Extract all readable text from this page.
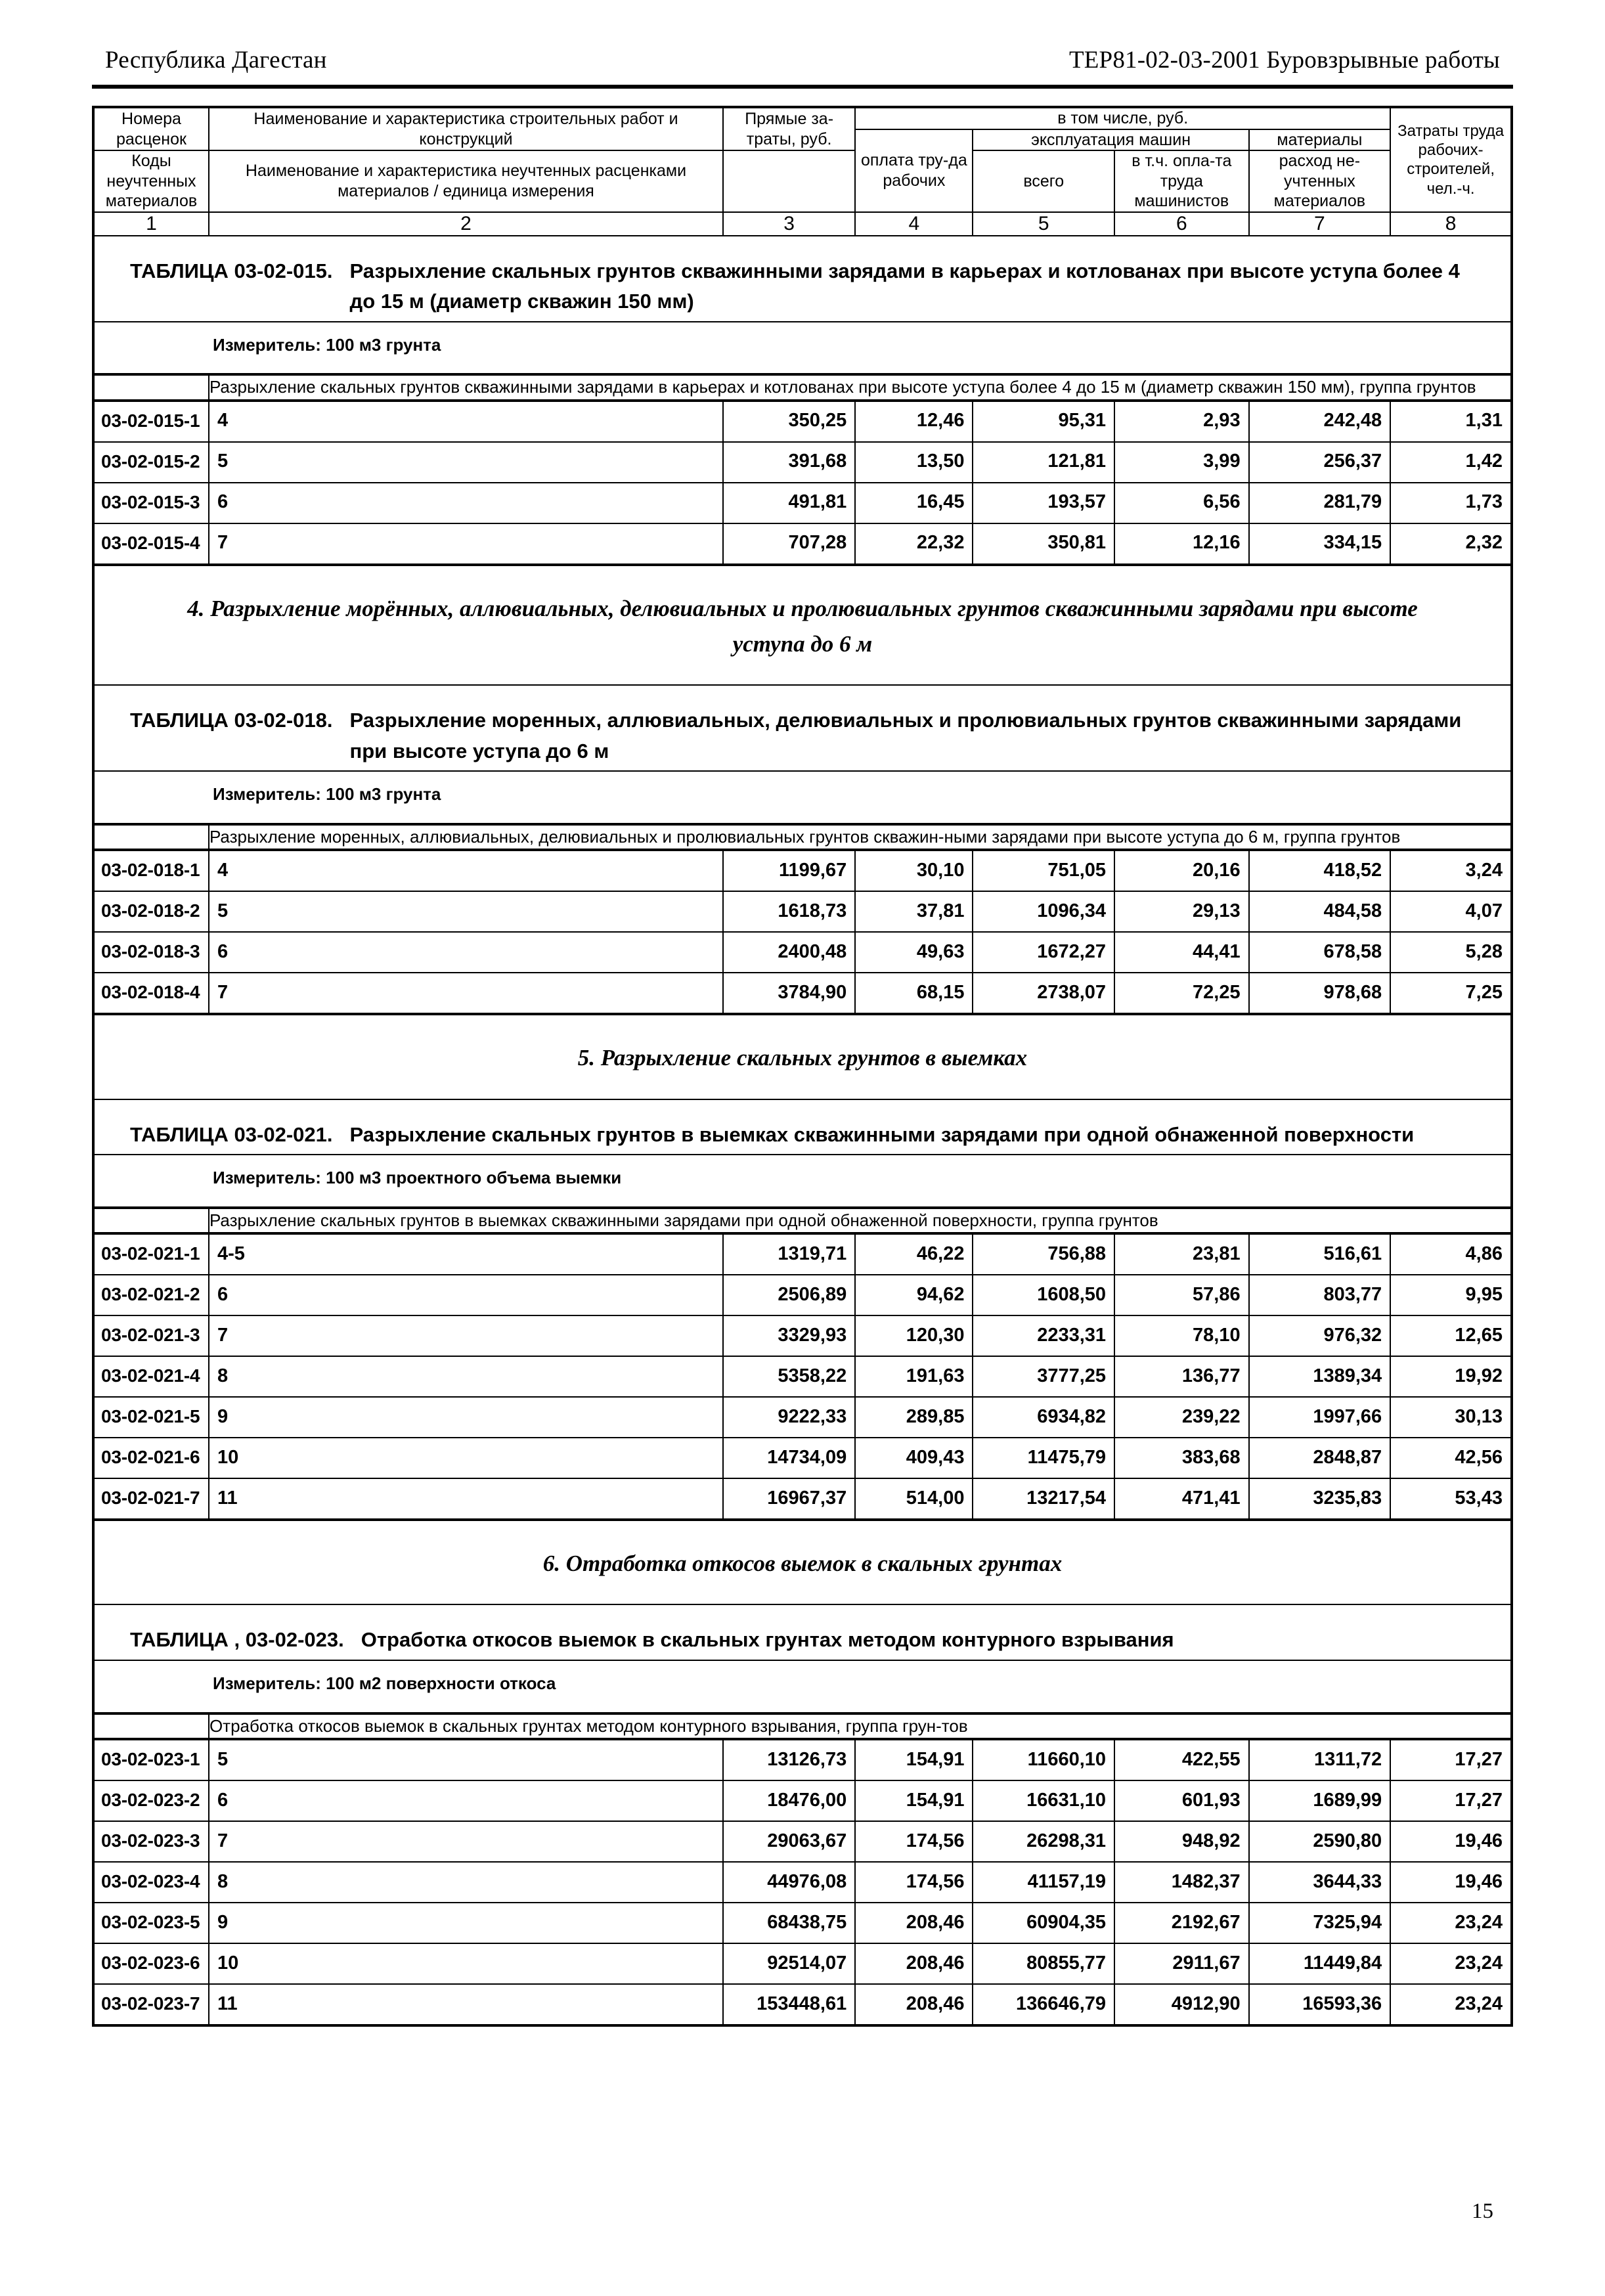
Республика Дагестан	ТЕР81-02-03-2001 Буровзрывные работы
Номера расценок	Наименование и характеристика строительных работ и конструкций	Прямые за-траты, руб.	в том числе, руб.				Затраты труда рабочих-строителей, чел.-ч.
			оплата тру-да рабочих	эксплуатация машин		материалы	
Коды неучтенных материалов	Наименование и характеристика неучтенных расценками материалов / единица измерения			всего	в т.ч. опла-та труда машинистов		
						расход не-учтенных материалов	
1	2	3	4	5	6	7	8

ТАБЛИЦА 03-02-015. Разрыхление скальных грунтов скважинными зарядами в карьерах и котлованах при высоте уступа более 4 до 15 м (диаметр скважин 150 мм)							

Измеритель: 100 м3 грунта							

	Разрыхление скальных грунтов скважинными зарядами в карьерах и котлованах при высоте уступа более 4 до 15 м (диаметр скважин 150 мм), группа грунтов						
03-02-015-1	4	350,25	12,46	95,31	2,93	242,48	1,31
03-02-015-2	5	391,68	13,50	121,81	3,99	256,37	1,42
03-02-015-3	6	491,81	16,45	193,57	6,56	281,79	1,73
03-02-015-4	7	707,28	22,32	350,81	12,16	334,15	2,32

4. Разрыхление морённых, аллювиальных, делювиальных и пролювиальных грунтов скважинными зарядами при высоте уступа до 6 м							

ТАБЛИЦА 03-02-018. Разрыхление моренных, аллювиальных, делювиальных и пролювиальных грунтов скважинными зарядами при высоте уступа до 6 м							

Измеритель: 100 м3 грунта							

	Разрыхление моренных, аллювиальных, делювиальных и пролювиальных грунтов скважин-ными зарядами при высоте уступа до 6 м, группа грунтов						
03-02-018-1	4	1199,67	30,10	751,05	20,16	418,52	3,24
03-02-018-2	5	1618,73	37,81	1096,34	29,13	484,58	4,07
03-02-018-3	6	2400,48	49,63	1672,27	44,41	678,58	5,28
03-02-018-4	7	3784,90	68,15	2738,07	72,25	978,68	7,25

5. Разрыхление скальных грунтов в выемках							

ТАБЛИЦА 03-02-021. Разрыхление скальных грунтов в выемках скважинными зарядами при одной обнаженной поверхности							

Измеритель: 100 м3 проектного объема выемки							

	Разрыхление скальных грунтов в выемках скважинными зарядами при одной обнаженной поверхности, группа грунтов						
03-02-021-1	4-5	1319,71	46,22	756,88	23,81	516,61	4,86
03-02-021-2	6	2506,89	94,62	1608,50	57,86	803,77	9,95
03-02-021-3	7	3329,93	120,30	2233,31	78,10	976,32	12,65
03-02-021-4	8	5358,22	191,63	3777,25	136,77	1389,34	19,92
03-02-021-5	9	9222,33	289,85	6934,82	239,22	1997,66	30,13
03-02-021-6	10	14734,09	409,43	11475,79	383,68	2848,87	42,56
03-02-021-7	11	16967,37	514,00	13217,54	471,41	3235,83	53,43

6. Отработка откосов выемок в скальных грунтах							

ТАБЛИЦА , 03-02-023. Отработка откосов выемок в скальных грунтах методом контурного взрывания							

Измеритель: 100 м2 поверхности откоса							

	Отработка откосов выемок в скальных грунтах методом контурного взрывания, группа грун-тов						
03-02-023-1	5	13126,73	154,91	11660,10	422,55	1311,72	17,27
03-02-023-2	6	18476,00	154,91	16631,10	601,93	1689,99	17,27
03-02-023-3	7	29063,67	174,56	26298,31	948,92	2590,80	19,46
03-02-023-4	8	44976,08	174,56	41157,19	1482,37	3644,33	19,46
03-02-023-5	9	68438,75	208,46	60904,35	2192,67	7325,94	23,24
03-02-023-6	10	92514,07	208,46	80855,77	2911,67	11449,84	23,24
03-02-023-7	11	153448,61	208,46	136646,79	4912,90	16593,36	23,24
15
